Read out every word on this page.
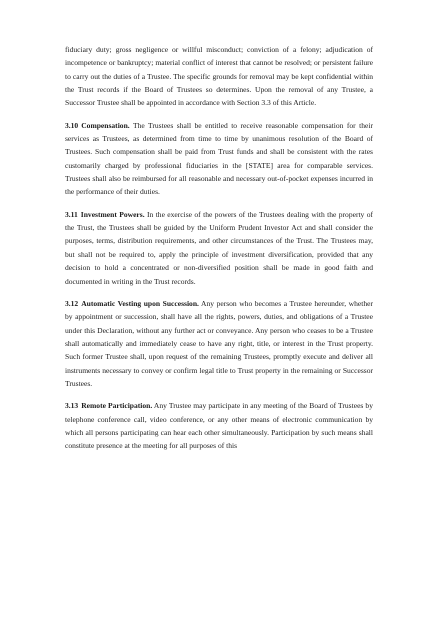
fiduciary duty; gross negligence or willful misconduct; conviction of a felony; adjudication of incompetence or bankruptcy; material conflict of interest that cannot be resolved; or persistent failure to carry out the duties of a Trustee. The specific grounds for removal may be kept confidential within the Trust records if the Board of Trustees so determines. Upon the removal of any Trustee, a Successor Trustee shall be appointed in accordance with Section 3.3 of this Article.

3.10 Compensation. The Trustees shall be entitled to receive reasonable compensation for their services as Trustees, as determined from time to time by unanimous resolution of the Board of Trustees. Such compensation shall be paid from Trust funds and shall be consistent with the rates customarily charged by professional fiduciaries in the [STATE] area for comparable services. Trustees shall also be reimbursed for all reasonable and necessary out-of-pocket expenses incurred in the performance of their duties.

3.11 Investment Powers. In the exercise of the powers of the Trustees dealing with the property of the Trust, the Trustees shall be guided by the Uniform Prudent Investor Act and shall consider the purposes, terms, distribution requirements, and other circumstances of the Trust. The Trustees may, but shall not be required to, apply the principle of investment diversification, provided that any decision to hold a concentrated or non-diversified position shall be made in good faith and documented in writing in the Trust records.

3.12 Automatic Vesting upon Succession. Any person who becomes a Trustee hereunder, whether by appointment or succession, shall have all the rights, powers, duties, and obligations of a Trustee under this Declaration, without any further act or conveyance. Any person who ceases to be a Trustee shall automatically and immediately cease to have any right, title, or interest in the Trust property. Such former Trustee shall, upon request of the remaining Trustees, promptly execute and deliver all instruments necessary to convey or confirm legal title to Trust property in the remaining or Successor Trustees.

3.13 Remote Participation. Any Trustee may participate in any meeting of the Board of Trustees by telephone conference call, video conference, or any other means of electronic communication by which all persons participating can hear each other simultaneously. Participation by such means shall constitute presence at the meeting for all purposes of this
